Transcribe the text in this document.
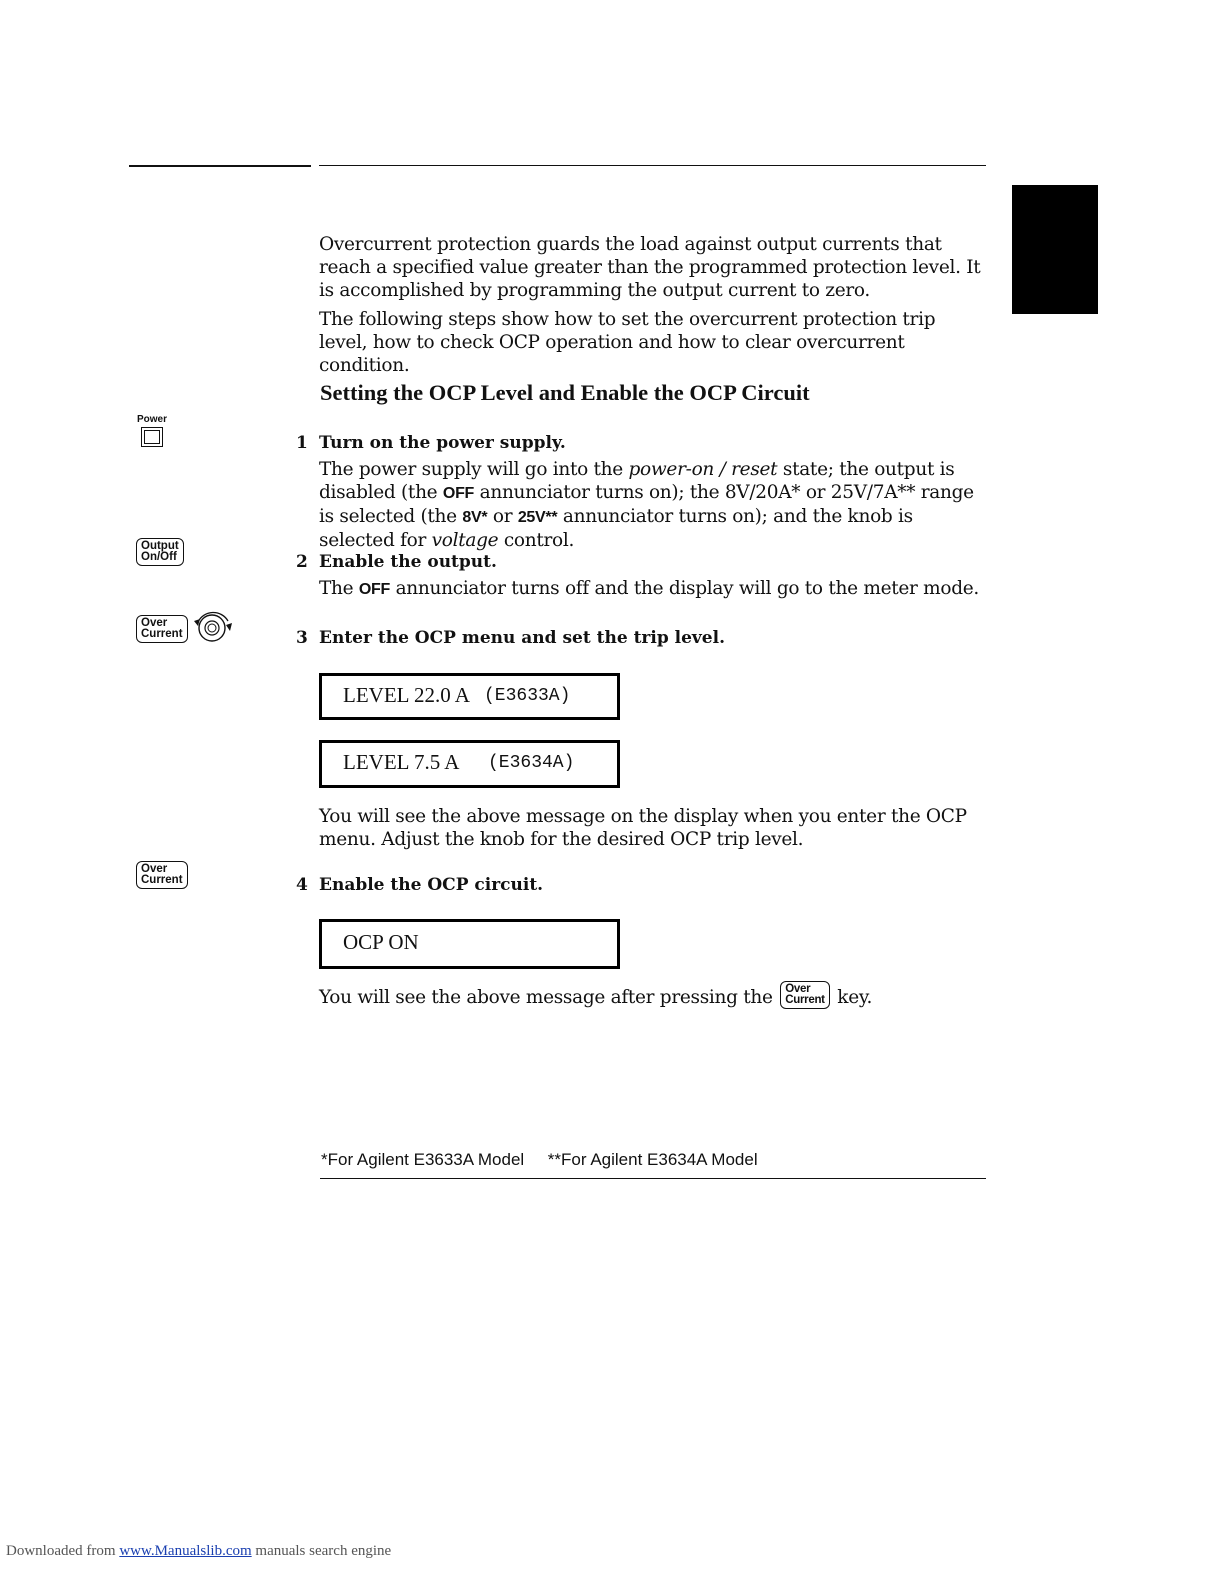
Overcurrent protection guards the load against output currents that reach a specified value greater than the programmed protection level. It is accomplished by programming the output current to zero.
The following steps show how to set the overcurrent protection trip level, how to check OCP operation and how to clear overcurrent condition.
Setting the OCP Level and Enable the OCP Circuit
Power
Output
On/Off
Over
Current
Over
Current
1 Turn on the power supply.
The power supply will go into the power-on / reset state; the output is disabled (the OFF annunciator turns on); the 8V/20A* or 25V/7A** range is selected (the 8V* or 25V** annunciator turns on); and the knob is selected for voltage control.
2 Enable the output.
The OFF annunciator turns off and the display will go to the meter mode.
3 Enter the OCP menu and set the trip level.
LEVEL 22.0 A (E3633A)
LEVEL 7.5 A (E3634A)
You will see the above message on the display when you enter the OCP menu. Adjust the knob for the desired OCP trip level.
4 Enable the OCP circuit.
OCP ON
You will see the above message after pressing the Over
Current key.
*For Agilent E3633A Model     **For Agilent E3634A Model
Downloaded from www.Manualslib.com manuals search engine
